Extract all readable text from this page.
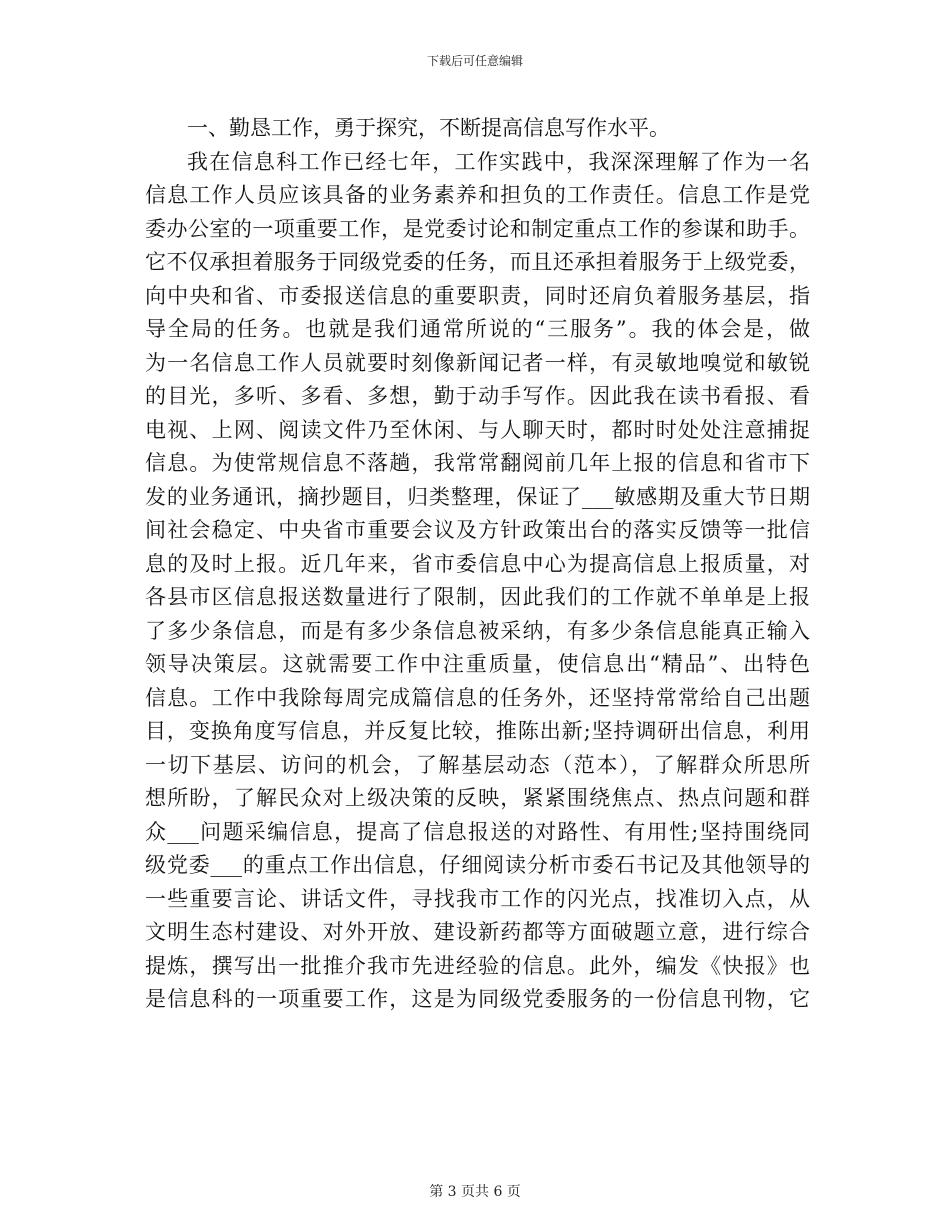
下载后可任意编辑
一、勤恳工作，勇于探究，不断提高信息写作水平。
我在信息科工作已经七年，工作实践中，我深深理解了作为一名
信息工作人员应该具备的业务素养和担负的工作责任。信息工作是党
委办公室的一项重要工作，是党委讨论和制定重点工作的参谋和助手。
它不仅承担着服务于同级党委的任务，而且还承担着服务于上级党委，
向中央和省、市委报送信息的重要职责，同时还肩负着服务基层，指
导全局的任务。也就是我们通常所说的“三服务”。我的体会是，做
为一名信息工作人员就要时刻像新闻记者一样，有灵敏地嗅觉和敏锐
的目光，多听、多看、多想，勤于动手写作。因此我在读书看报、看
电视、上网、阅读文件乃至休闲、与人聊天时，都时时处处注意捕捉
信息。为使常规信息不落趟，我常常翻阅前几年上报的信息和省市下
发的业务通讯，摘抄题目，归类整理，保证了___敏感期及重大节日期
间社会稳定、中央省市重要会议及方针政策出台的落实反馈等一批信
息的及时上报。近几年来，省市委信息中心为提高信息上报质量，对
各县市区信息报送数量进行了限制，因此我们的工作就不单单是上报
了多少条信息，而是有多少条信息被采纳，有多少条信息能真正输入
领导决策层。这就需要工作中注重质量，使信息出“精品”、出特色
信息。工作中我除每周完成篇信息的任务外，还坚持常常给自己出题
目，变换角度写信息，并反复比较，推陈出新;坚持调研出信息，利用
一切下基层、访问的机会，了解基层动态（范本），了解群众所思所
想所盼，了解民众对上级决策的反映，紧紧围绕焦点、热点问题和群
众___问题采编信息，提高了信息报送的对路性、有用性;坚持围绕同
级党委___的重点工作出信息，仔细阅读分析市委石书记及其他领导的
一些重要言论、讲话文件，寻找我市工作的闪光点，找准切入点，从
文明生态村建设、对外开放、建设新药都等方面破题立意，进行综合
提炼，撰写出一批推介我市先进经验的信息。此外，编发《快报》也
是信息科的一项重要工作，这是为同级党委服务的一份信息刊物，它
第 3 页共 6 页
